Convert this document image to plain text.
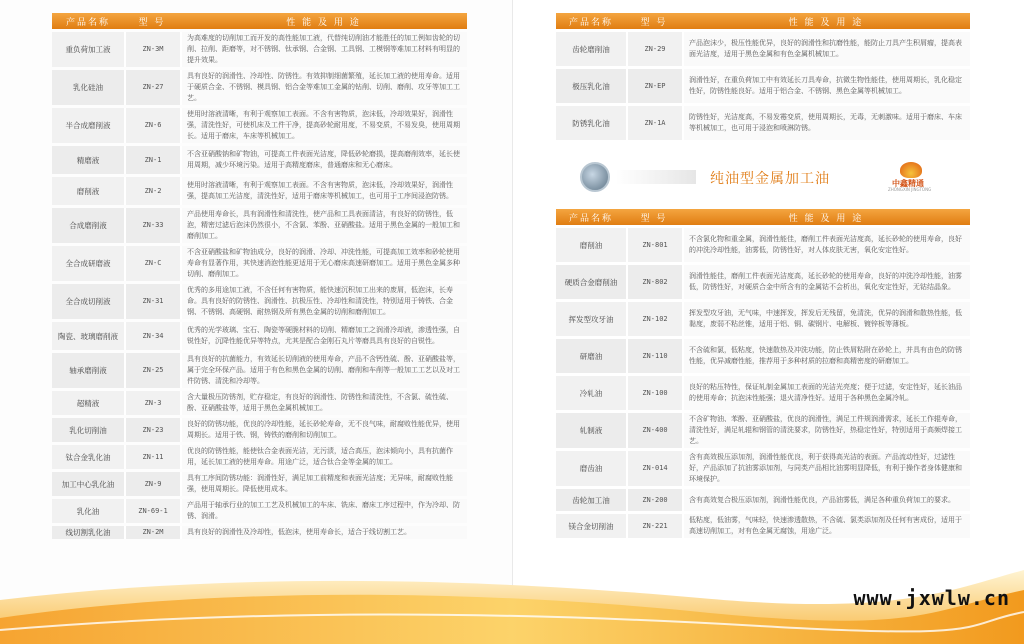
产品名称	型 号	性 能 及 用 途
重负荷加工液	ZN-3M	为高难度的切削加工而开发的高性能加工液，代替纯切削油才能胜任的加工例如齿轮的切削、拉削、距磨等，对不锈钢、钛承钢、合金钢、工具钢、工模钢等难加工材料有明显的提升效果。
乳化硅油	ZN-27	具有良好的润滑性、冷却性、防锈性。有效抑制细菌繁殖，延长加工液的使用寿命。适用于硬质合金、不锈钢、模具钢、铝合金等难加工金属的钻削、切削、磨削、攻牙等加工工艺。
半合成磨削液	ZN-6	使用时溶液清晰，有利于观察加工表面。不含有害物质，泡沫低，冷却效果好，润滑性强，清洗性好，可使机床及工件干净，提高砂轮耐用度，不易变质，不易发臭，使用周期长。适用于磨床，车床等机械加工。
精磨液	ZN-1	不含亚硝酸钠和矿物油，可提高工件表面光洁度，降低砂轮磨损，提高磨削效率，延长使用周期，减少环境污染。适用于高精度磨床，普通磨床和无心磨床。
磨削液	ZN-2	使用时溶液清晰，有利于观察加工表面。不含有害物质，泡沫低，冷却效果好，润滑性强，提高加工光洁度，清洗性好，适用于磨床等机械加工，也可用于工序间浸泡防锈。
合成磨削液	ZN-33	产品使用寿命长，具有润滑性和清洗性，使产品和工具表面清洁，有良好的防锈性，低泡，精密过滤后泡沫仍然很小，不含氯、苯酚、亚硝酸盐。适用于黑色金属的一般加工和磨削加工。
全合成研磨液	ZN-C	不含亚硝酸盐和矿物油成分，良好的润滑、冷却、冲洗性能，可提高加工效率和砂轮使用寿命有显著作用，其快速消泡性能更适用于无心磨床高速研磨加工。适用于黑色金属多种切削、磨削加工。
全合成切削液	ZN-31	优秀的多用途加工液，不含任何有害物质，能快速沉积加工出来的废屑，低泡沫，长寿命。具有良好的防锈性、润滑性、抗极压性、冷却性和清洗性，特别适用于铸铁、合金钢、不锈钢、高硬钢、耐热钢及所有黑色金属的切削和磨削加工。
陶瓷、玻璃磨削液	ZN-34	优秀的光学玻璃、宝石、陶瓷等硬脆材料的切削、精磨加工之润滑冷却液，渗透性强，自锐性好，沉降性能优异等特点，尤其是配合金刚石丸片等磨具具有良好的自锐性。
轴承磨削液	ZN-25	具有良好的抗菌能力，有效延长切削液的使用寿命，产品不含钙性硫、酚、亚硝酸盐等，属于完全环保产品。适用于有色和黑色金属的切削、磨削和车削等一般加工工艺以及对工件防锈、清洗和冷却等。
超精液	ZN-3	含大量极压防锈剂，贮存稳定，有良好的润滑性、防锈性和清洗性，不含氯、硫性硫、酚、亚硝酸盐等，适用于黑色金属机械加工。
乳化切削油	ZN-23	良好的防锈功能，优良的冷却性能，延长砂轮寿命，无不良气味，耐腐败性能优异，使用周期长。适用于铁、钢，铸铁的磨削和切削加工。
钛合金乳化油	ZN-11	优良的防锈性能，能使钛合金表面光洁，无污渍，适合高压，泡沫倾向小，具有抗菌作用，延长加工液的使用寿命。用途广泛，适合钛合金等金属的加工。
加工中心乳化油	ZN-9	具有工序间防锈功能：润滑性好，满足加工前精度和表面光洁度；无异味，耐腐败性能强，使用周期长。降低使用成本。
乳化油	ZN-69-1	产品用于轴承行业的加工工艺及机械加工的车床、铣床、磨床工序过程中，作为冷却、防锈、润滑。
线切割乳化油	ZN-2M	具有良好的润滑性及冷却性，低泡沫，使用寿命长，适合于线切割工艺。
产品名称	型 号	性 能 及 用 途
齿轮磨削油	ZN-29	产品泡沫少，极压性能优异，良好的润滑性和抗磨性能，能防止刀具产生积屑瘤，提高表面光洁度，适用于黑色金属和有色金属机械加工。
极压乳化油	ZN-EP	润滑性好，在重负荷加工中有效延长刀具寿命，抗微生物性能佳，使用周期长，乳化稳定性好，防锈性能良好。适用于铝合金、不锈钢、黑色金属等机械加工。
防锈乳化油	ZN-1A	防锈性好，光洁度高，不易发霉变质，使用周期长，无毒，无刺激味。适用于磨床、车床等机械加工，也可用于浸泡和喷淋防锈。
纯油型金属加工油	中鑫精通
ZHONGXIN JINGTONG
产品名称	型 号	性 能 及 用 途
磨削油	ZN-801	不含氯化物和重金属，润滑性能佳，磨削工件表面光洁度高，延长砂轮的使用寿命，良好的冲洗冷却性能，油雾低，防锈性好，对人体皮肤无害，氧化安定性好。
硬质合金磨削油	ZN-802	润滑性能佳，磨削工件表面光洁度高，延长砂轮的使用寿命，良好的冲洗冷却性能，油雾低，防锈性好，对硬质合金中所含有的金属钴不会析出，氧化安定性好，无钴结晶象。
挥发型攻牙油	ZN-102	挥发型攻牙油，无气味，中速挥发，挥发后无残留，免清洗，优异的润滑和散热性能，低黏度，废弱不粘丝锥，适用于铝、铜、碳钢片、电解板、镀锌板等薄板。
研磨油	ZN-110	不含硫和氯，低粘度，快速散热及冲洗功能，防止铁屑粘附在砂轮上，并具有由色的防锈性能，优异减磨性能，推荐用于多种材质的拉磨和高精密度的研磨加工。
冷轧油	ZN-100	良好的粘压特性，保证轧制金属加工表面的光洁光亮度；便于过滤，安定性好，延长油品的使用寿命；抗泡沫性能强；退火清净性好。适用于各种黑色金属冷轧。
轧制液	ZN-400	不含矿物油、苯酚、亚硝酸盐，优良的润滑性，满足工件规润滑需求，延长工作辊寿命，清洗性好，满足轧辊和钢管的清洗要求，防锈性好，热稳定性好，特别适用于高频焊接工艺。
磨齿油	ZN-014	含有高效极压添加剂，润滑性能优良，利于获得高光洁的表面。产品流动性好，过滤性好，产品添加了抗油雾添加剂，与同类产品相比油雾明显降低，有利于操作者身体健康和环境保护。
齿轮加工油	ZN-200	含有高效复合极压添加剂，润滑性能优良，产品油雾低，满足各种重负荷加工的要求。
镁合金切削油	ZN-221	低粘度，低油雾，气味轻，快速渗透散热，不含硫、氯类添加剂及任何有害成份，适用于高速切削加工，对有色金属无腐蚀，用途广泛。
www.jxwlw.cn
